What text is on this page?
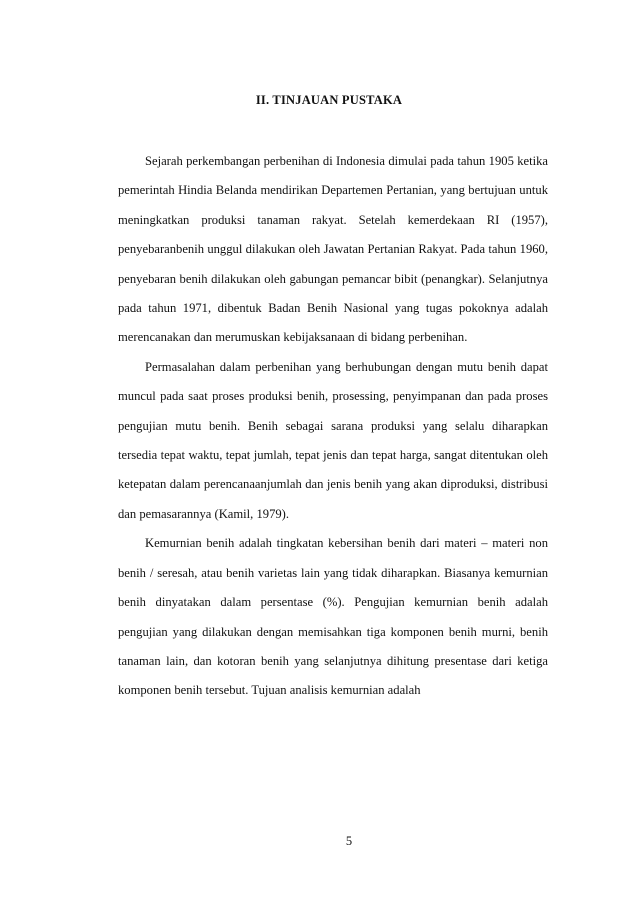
II. TINJAUAN PUSTAKA

Sejarah perkembangan perbenihan di Indonesia dimulai pada tahun 1905 ketika pemerintah Hindia Belanda mendirikan Departemen Pertanian, yang bertujuan untuk meningkatkan produksi tanaman rakyat. Setelah kemerdekaan RI (1957), penyebaranbenih unggul dilakukan oleh Jawatan Pertanian Rakyat. Pada tahun 1960, penyebaran benih dilakukan oleh gabungan pemancar bibit (penangkar). Selanjutnya pada tahun 1971, dibentuk Badan Benih Nasional yang tugas pokoknya adalah merencanakan dan merumuskan kebijaksanaan di bidang perbenihan.

Permasalahan dalam perbenihan yang berhubungan dengan mutu benih dapat muncul pada saat proses produksi benih, prosessing, penyimpanan dan pada proses pengujian mutu benih. Benih sebagai sarana produksi yang selalu diharapkan tersedia tepat waktu, tepat jumlah, tepat jenis dan tepat harga, sangat ditentukan oleh ketepatan dalam perencanaanjumlah dan jenis benih yang akan diproduksi, distribusi dan pemasarannya (Kamil, 1979).

Kemurnian benih adalah tingkatan kebersihan benih dari materi – materi non benih / seresah, atau benih varietas lain yang tidak diharapkan. Biasanya kemurnian benih dinyatakan dalam persentase (%). Pengujian kemurnian benih adalah pengujian yang dilakukan dengan memisahkan tiga komponen benih murni, benih tanaman lain, dan kotoran benih yang selanjutnya dihitung presentase dari ketiga komponen benih tersebut. Tujuan analisis kemurnian adalah

5
